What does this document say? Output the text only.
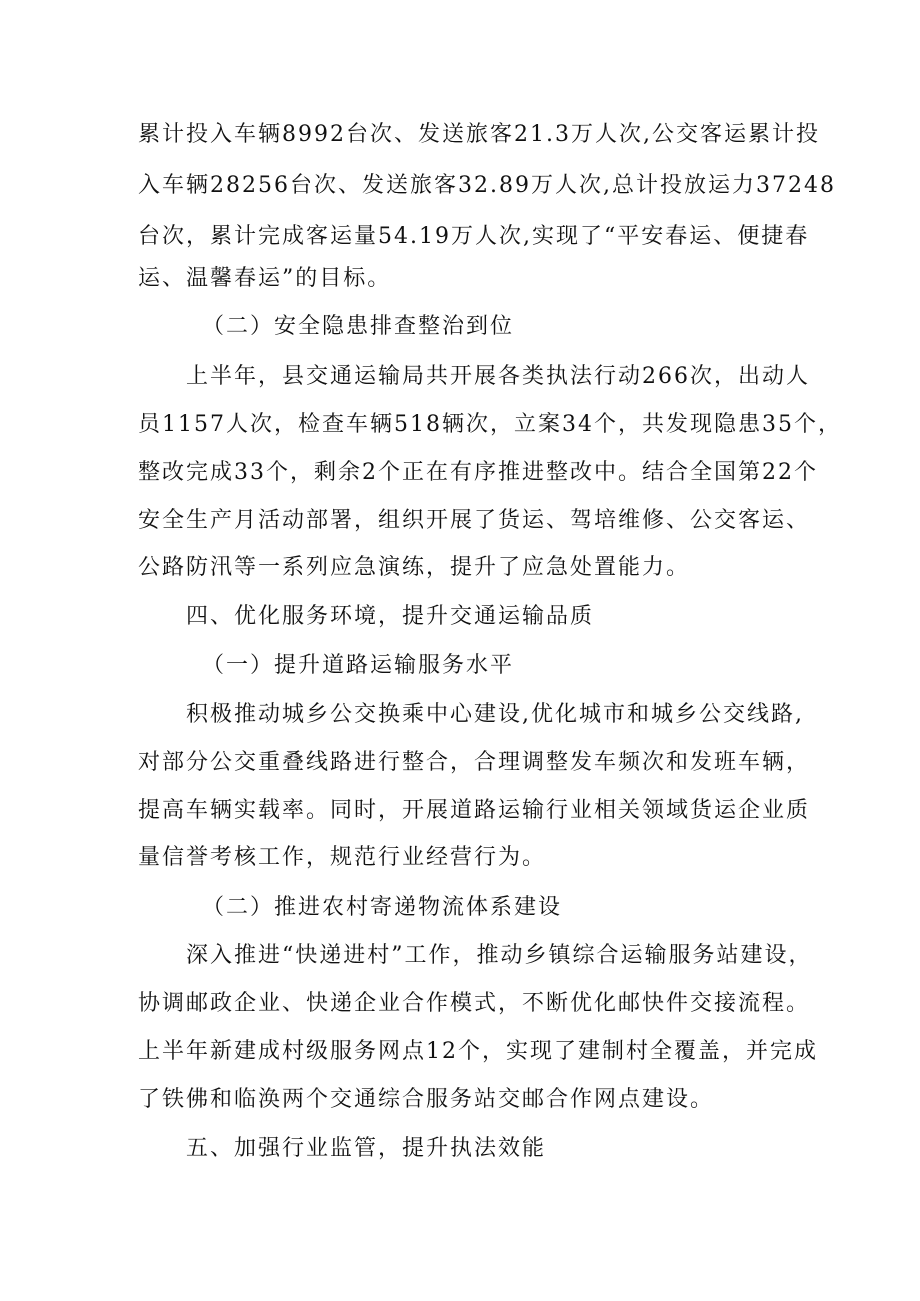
累计投入车辆8992台次、发送旅客21.3万人次,公交客运累计投
入车辆28256台次、发送旅客32.89万人次,总计投放运力37248
台次，累计完成客运量54.19万人次,实现了“平安春运、便捷春
运、温馨春运”的目标。
（二）安全隐患排查整治到位
上半年，县交通运输局共开展各类执法行动266次，出动人
员1157人次，检查车辆518辆次，立案34个，共发现隐患35个，
整改完成33个，剩余2个正在有序推进整改中。结合全国第22个
安全生产月活动部署，组织开展了货运、驾培维修、公交客运、
公路防汛等一系列应急演练，提升了应急处置能力。
四、优化服务环境，提升交通运输品质
（一）提升道路运输服务水平
积极推动城乡公交换乘中心建设,优化城市和城乡公交线路,
对部分公交重叠线路进行整合，合理调整发车频次和发班车辆，
提高车辆实载率。同时，开展道路运输行业相关领域货运企业质
量信誉考核工作，规范行业经营行为。
（二）推进农村寄递物流体系建设
深入推进“快递进村”工作，推动乡镇综合运输服务站建设，
协调邮政企业、快递企业合作模式，不断优化邮快件交接流程。
上半年新建成村级服务网点12个，实现了建制村全覆盖，并完成
了铁佛和临涣两个交通综合服务站交邮合作网点建设。
五、加强行业监管，提升执法效能
